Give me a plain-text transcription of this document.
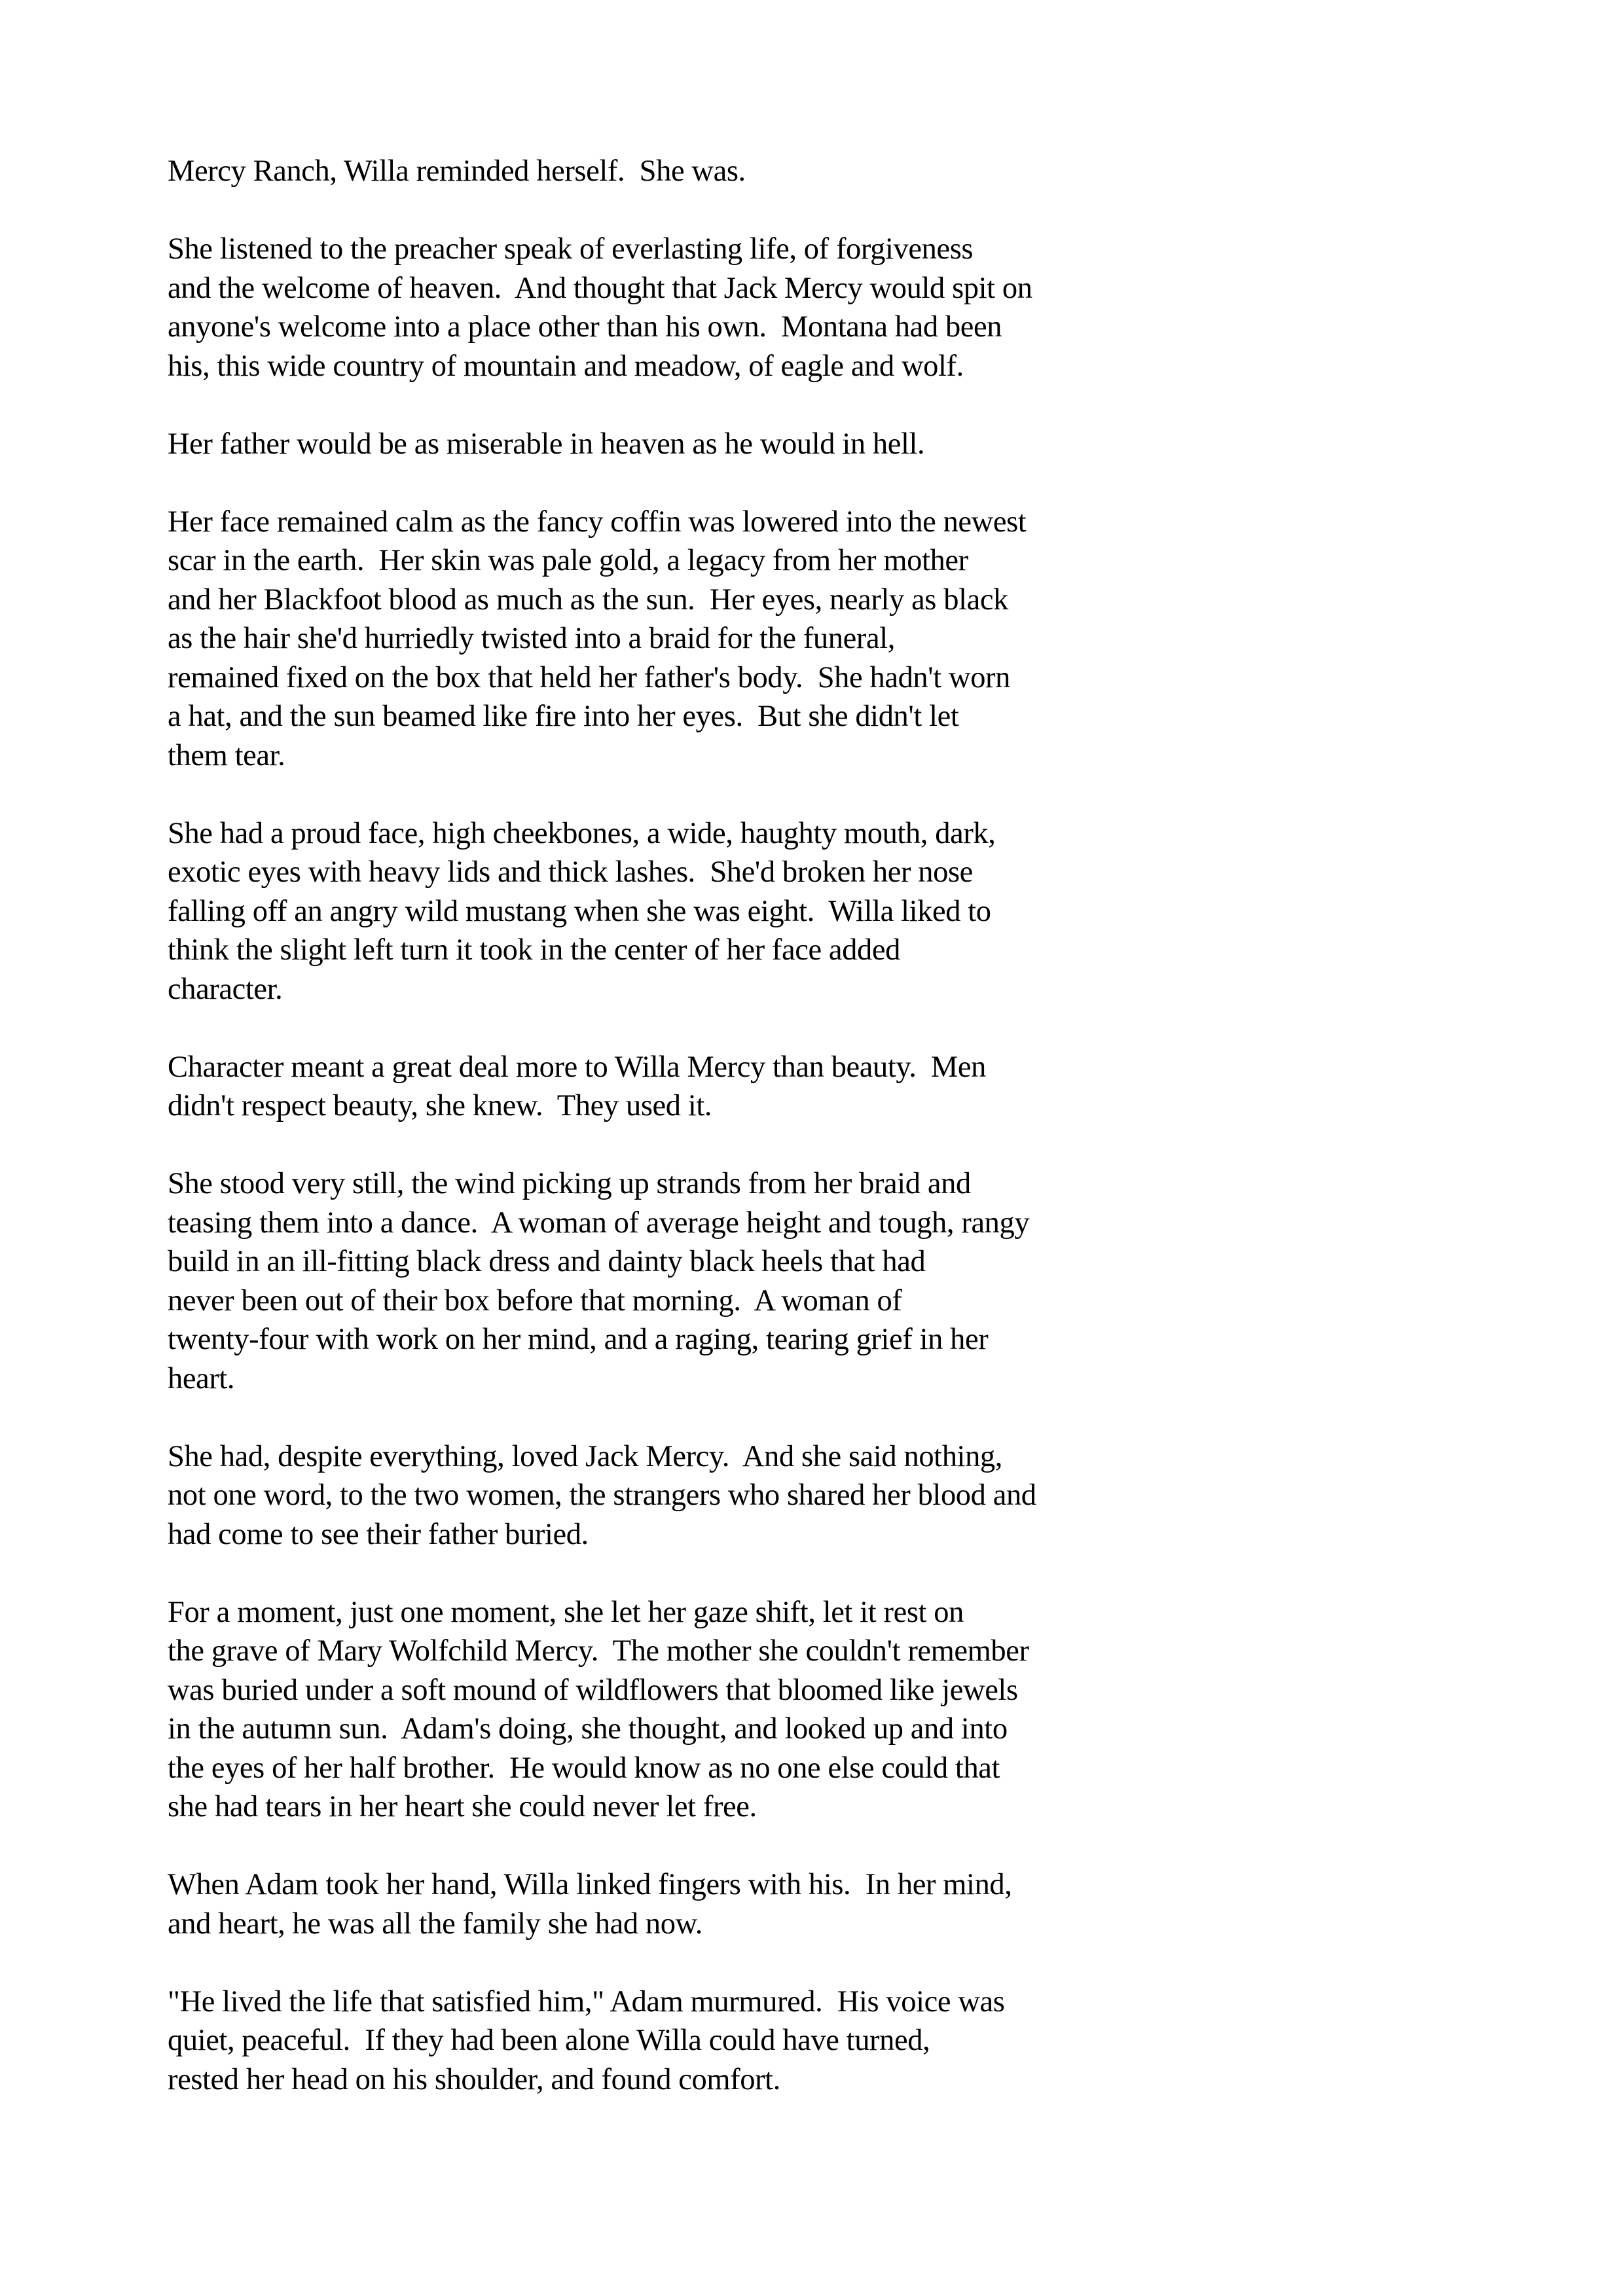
Mercy Ranch, Willa reminded herself.  She was.

She listened to the preacher speak of everlasting life, of forgiveness
and the welcome of heaven.  And thought that Jack Mercy would spit on
anyone's welcome into a place other than his own.  Montana had been
his, this wide country of mountain and meadow, of eagle and wolf.

Her father would be as miserable in heaven as he would in hell.

Her face remained calm as the fancy coffin was lowered into the newest
scar in the earth.  Her skin was pale gold, a legacy from her mother
and her Blackfoot blood as much as the sun.  Her eyes, nearly as black
as the hair she'd hurriedly twisted into a braid for the funeral,
remained fixed on the box that held her father's body.  She hadn't worn
a hat, and the sun beamed like fire into her eyes.  But she didn't let
them tear.

She had a proud face, high cheekbones, a wide, haughty mouth, dark,
exotic eyes with heavy lids and thick lashes.  She'd broken her nose
falling off an angry wild mustang when she was eight.  Willa liked to
think the slight left turn it took in the center of her face added
character.

Character meant a great deal more to Willa Mercy than beauty.  Men
didn't respect beauty, she knew.  They used it.

She stood very still, the wind picking up strands from her braid and
teasing them into a dance.  A woman of average height and tough, rangy
build in an ill-fitting black dress and dainty black heels that had
never been out of their box before that morning.  A woman of
twenty-four with work on her mind, and a raging, tearing grief in her
heart.

She had, despite everything, loved Jack Mercy.  And she said nothing,
not one word, to the two women, the strangers who shared her blood and
had come to see their father buried.

For a moment, just one moment, she let her gaze shift, let it rest on
the grave of Mary Wolfchild Mercy.  The mother she couldn't remember
was buried under a soft mound of wildflowers that bloomed like jewels
in the autumn sun.  Adam's doing, she thought, and looked up and into
the eyes of her half brother.  He would know as no one else could that
she had tears in her heart she could never let free.

When Adam took her hand, Willa linked fingers with his.  In her mind,
and heart, he was all the family she had now.

"He lived the life that satisfied him," Adam murmured.  His voice was
quiet, peaceful.  If they had been alone Willa could have turned,
rested her head on his shoulder, and found comfort.
